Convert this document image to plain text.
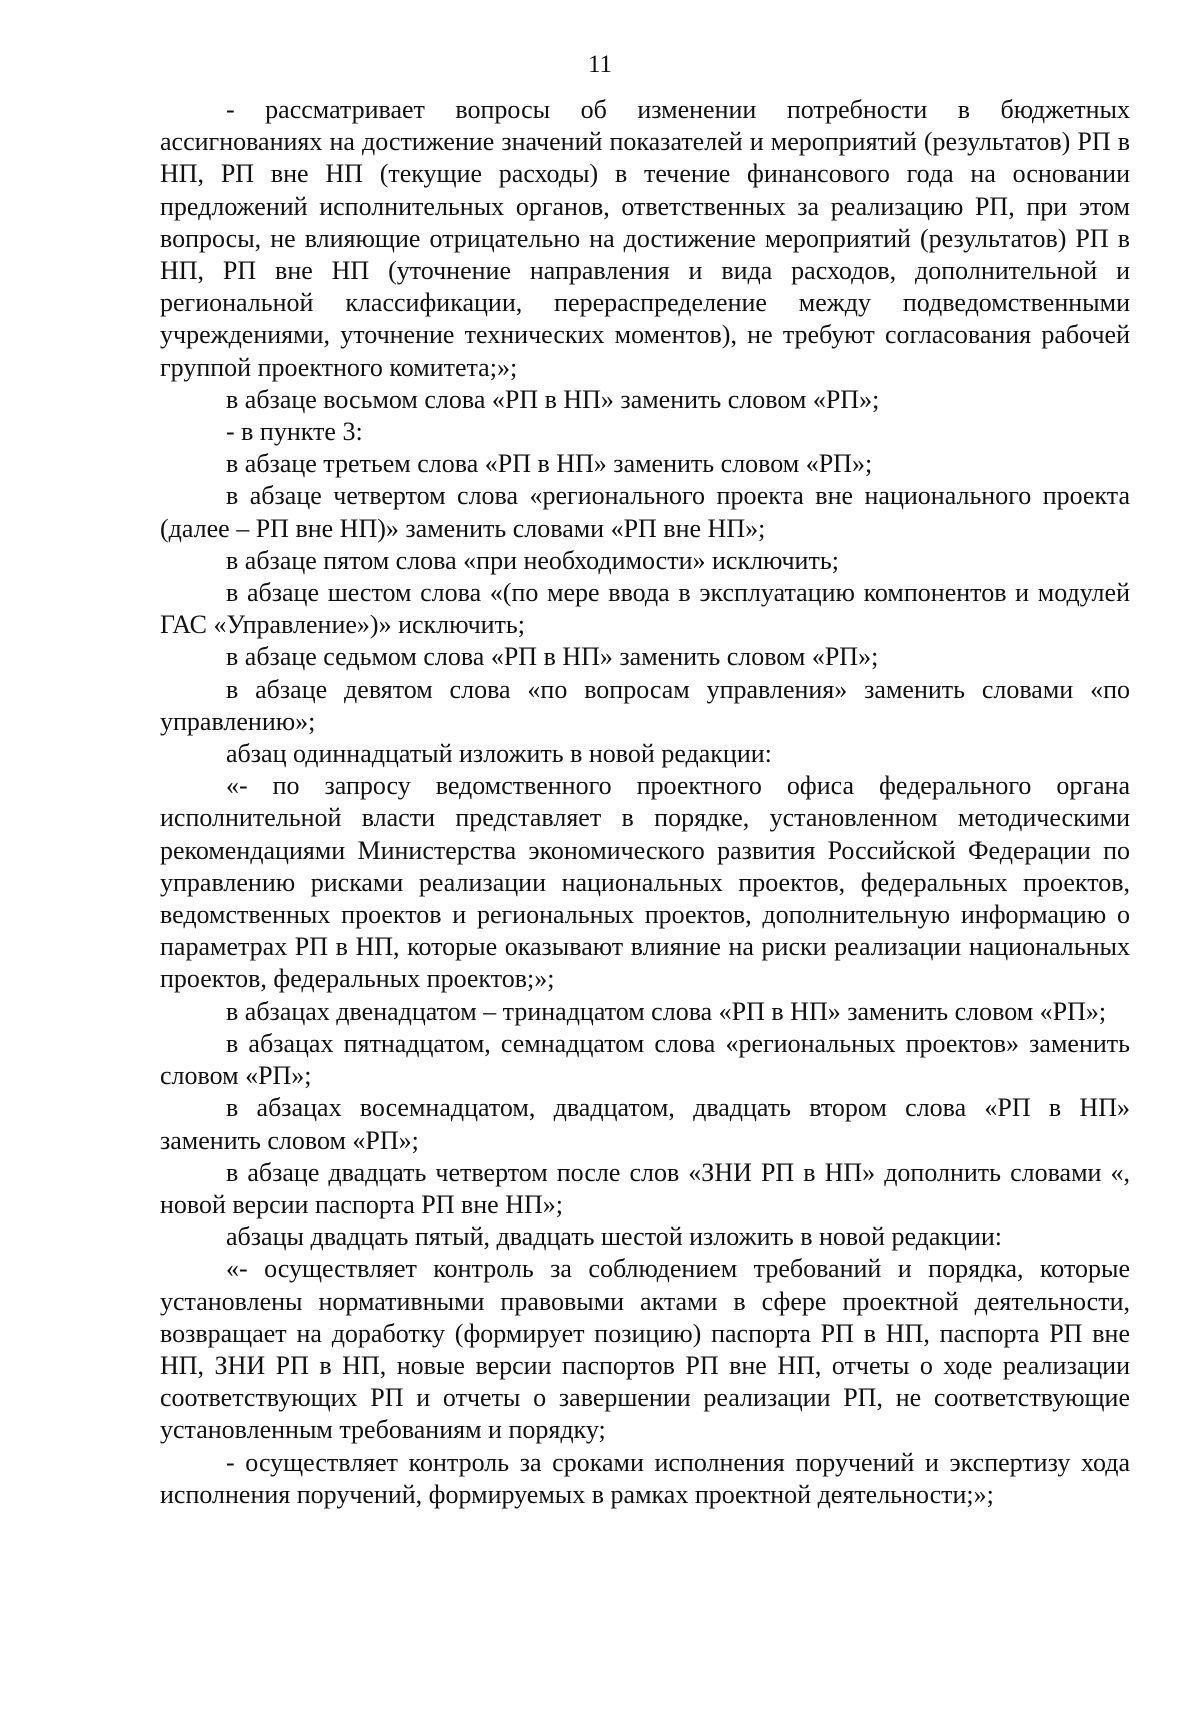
11

- рассматривает вопросы об изменении потребности в бюджетных ассигнованиях на достижение значений показателей и мероприятий (результатов) РП в НП, РП вне НП (текущие расходы) в течение финансового года на основании предложений исполнительных органов, ответственных за реализацию РП, при этом вопросы, не влияющие отрицательно на достижение мероприятий (результатов) РП в НП, РП вне НП (уточнение направления и вида расходов, дополнительной и региональной классификации, перераспределение между подведомственными учреждениями, уточнение технических моментов), не требуют согласования рабочей группой проектного комитета;»;

в абзаце восьмом слова «РП в НП» заменить словом «РП»;

- в пункте 3:

в абзаце третьем слова «РП в НП» заменить словом «РП»;

в абзаце четвертом слова «регионального проекта вне национального проекта (далее – РП вне НП)» заменить словами «РП вне НП»;

в абзаце пятом слова «при необходимости» исключить;

в абзаце шестом слова «(по мере ввода в эксплуатацию компонентов и модулей ГАС «Управление»)» исключить;

в абзаце седьмом слова «РП в НП» заменить словом «РП»;

в абзаце девятом слова «по вопросам управления» заменить словами «по управлению»;

абзац одиннадцатый изложить в новой редакции:

«- по запросу ведомственного проектного офиса федерального органа исполнительной власти представляет в порядке, установленном методическими рекомендациями Министерства экономического развития Российской Федерации по управлению рисками реализации национальных проектов, федеральных проектов, ведомственных проектов и региональных проектов, дополнительную информацию о параметрах РП в НП, которые оказывают влияние на риски реализации национальных проектов, федеральных проектов;»;

в абзацах двенадцатом – тринадцатом слова «РП в НП» заменить словом «РП»;

в абзацах пятнадцатом, семнадцатом слова «региональных проектов» заменить словом «РП»;

в абзацах восемнадцатом, двадцатом, двадцать втором слова «РП в НП» заменить словом «РП»;

в абзаце двадцать четвертом после слов «ЗНИ РП в НП» дополнить словами «, новой версии паспорта РП вне НП»;

абзацы двадцать пятый, двадцать шестой изложить в новой редакции:

«- осуществляет контроль за соблюдением требований и порядка, которые установлены нормативными правовыми актами в сфере проектной деятельности, возвращает на доработку (формирует позицию) паспорта РП в НП, паспорта РП вне НП, ЗНИ РП в НП, новые версии паспортов РП вне НП, отчеты о ходе реализации соответствующих РП и отчеты о завершении реализации РП, не соответствующие установленным требованиям и порядку;

- осуществляет контроль за сроками исполнения поручений и экспертизу хода исполнения поручений, формируемых в рамках проектной деятельности;»;
